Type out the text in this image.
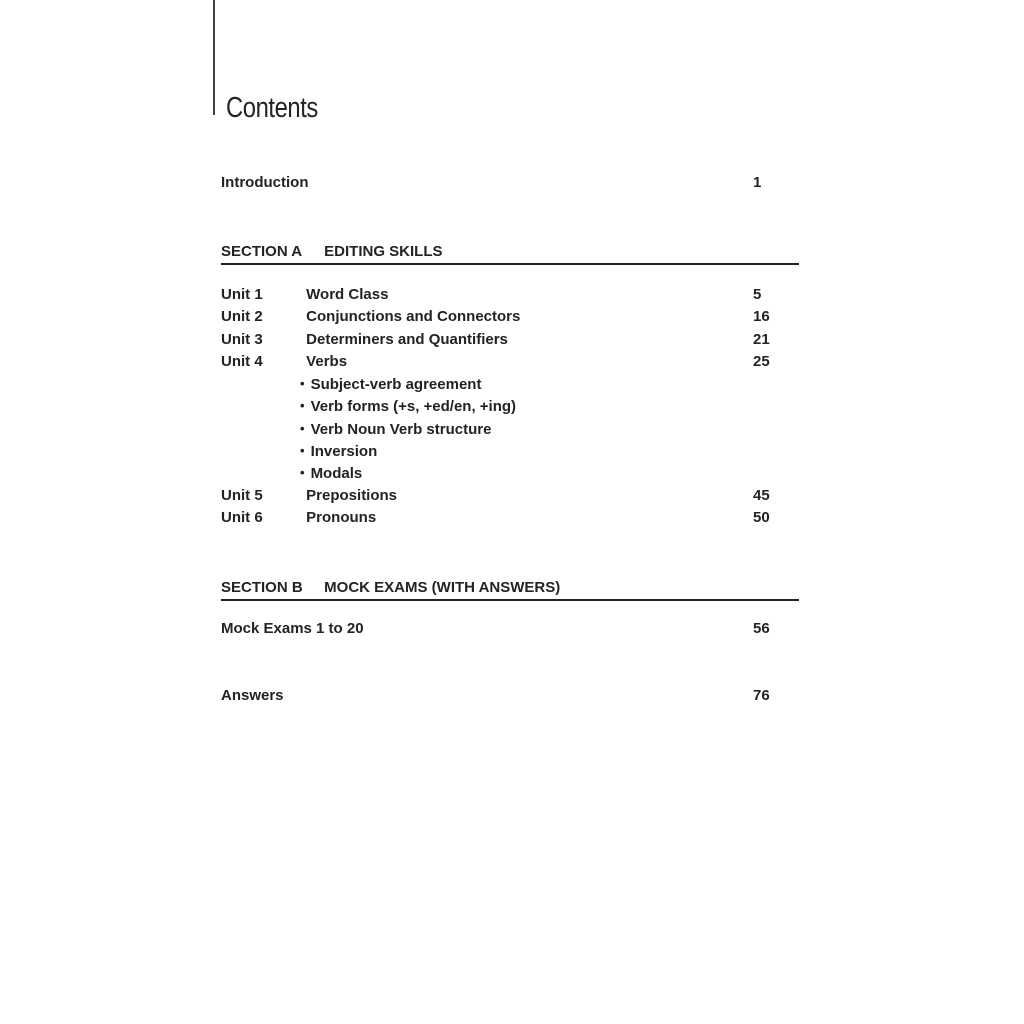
Contents
Introduction	1
SECTION A EDITING SKILLS
Unit 1	Word Class	5
Unit 2	Conjunctions and Connectors	16
Unit 3	Determiners and Quantifiers	21
Unit 4	Verbs	25
• Subject-verb agreement
• Verb forms (+s, +ed/en, +ing)
• Verb Noun Verb structure
• Inversion
• Modals
Unit 5	Prepositions	45
Unit 6	Pronouns	50
SECTION B MOCK EXAMS (WITH ANSWERS)
Mock Exams 1 to 20	56
Answers	76
